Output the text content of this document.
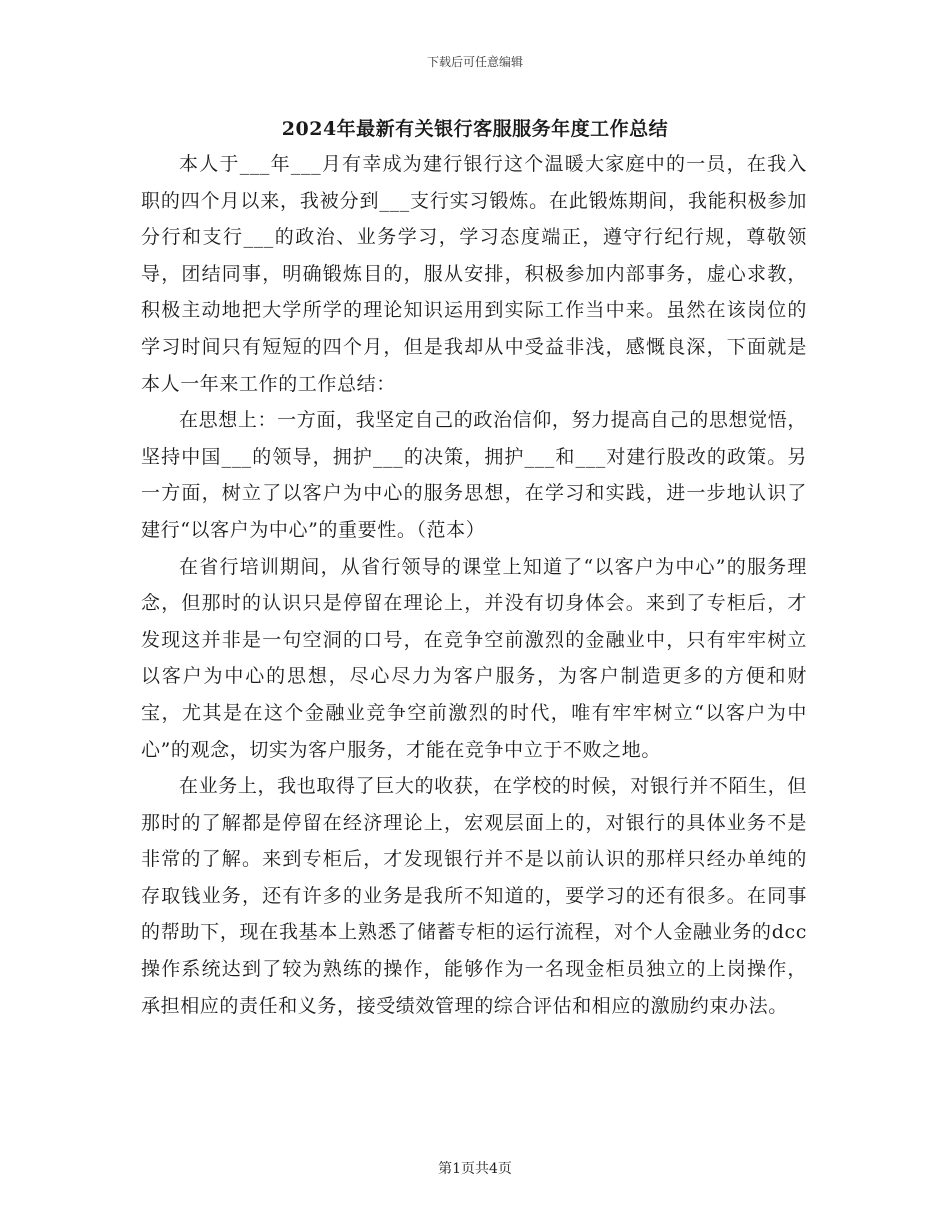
下载后可任意编辑
2024年最新有关银行客服服务年度工作总结

本人于___年___月有幸成为建行银行这个温暖大家庭中的一员，在我入职的四个月以来，我被分到___支行实习锻炼。在此锻炼期间，我能积极参加分行和支行___的政治、业务学习，学习态度端正，遵守行纪行规，尊敬领导，团结同事，明确锻炼目的，服从安排，积极参加内部事务，虚心求教，积极主动地把大学所学的理论知识运用到实际工作当中来。虽然在该岗位的学习时间只有短短的四个月，但是我却从中受益非浅，感慨良深，下面就是本人一年来工作的工作总结：

在思想上：一方面，我坚定自己的政治信仰，努力提高自己的思想觉悟，坚持中国___的领导，拥护___的决策，拥护___和___对建行股改的政策。另一方面，树立了以客户为中心的服务思想，在学习和实践，进一步地认识了建行“以客户为中心”的重要性。（范本）

在省行培训期间，从省行领导的课堂上知道了“以客户为中心”的服务理念，但那时的认识只是停留在理论上，并没有切身体会。来到了专柜后，才发现这并非是一句空洞的口号，在竞争空前激烈的金融业中，只有牢牢树立以客户为中心的思想，尽心尽力为客户服务，为客户制造更多的方便和财宝，尤其是在这个金融业竞争空前激烈的时代，唯有牢牢树立“以客户为中心”的观念，切实为客户服务，才能在竞争中立于不败之地。

在业务上，我也取得了巨大的收获，在学校的时候，对银行并不陌生，但那时的了解都是停留在经济理论上，宏观层面上的，对银行的具体业务不是非常的了解。来到专柜后，才发现银行并不是以前认识的那样只经办单纯的存取钱业务，还有许多的业务是我所不知道的，要学习的还有很多。在同事的帮助下，现在我基本上熟悉了储蓄专柜的运行流程，对个人金融业务的dcc操作系统达到了较为熟练的操作，能够作为一名现金柜员独立的上岗操作，承担相应的责任和义务，接受绩效管理的综合评估和相应的激励约束办法。

第1页共4页
